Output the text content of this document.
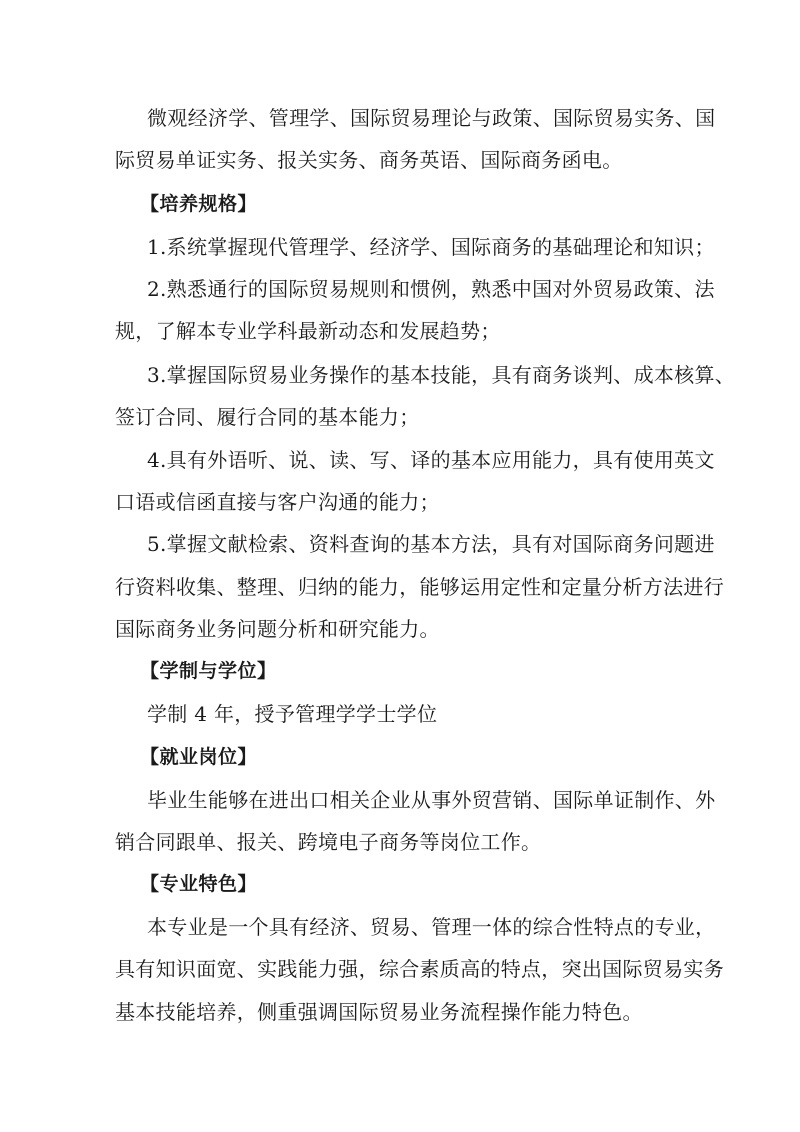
微观经济学、管理学、国际贸易理论与政策、国际贸易实务、国
际贸易单证实务、报关实务、商务英语、国际商务函电。
【培养规格】
1.系统掌握现代管理学、经济学、国际商务的基础理论和知识；
2.熟悉通行的国际贸易规则和惯例，熟悉中国对外贸易政策、法
规，了解本专业学科最新动态和发展趋势；
3.掌握国际贸易业务操作的基本技能，具有商务谈判、成本核算、
签订合同、履行合同的基本能力；
4.具有外语听、说、读、写、译的基本应用能力，具有使用英文
口语或信函直接与客户沟通的能力；
5.掌握文献检索、资料查询的基本方法，具有对国际商务问题进
行资料收集、整理、归纳的能力，能够运用定性和定量分析方法进行
国际商务业务问题分析和研究能力。
【学制与学位】
学制 4 年，授予管理学学士学位
【就业岗位】
毕业生能够在进出口相关企业从事外贸营销、国际单证制作、外
销合同跟单、报关、跨境电子商务等岗位工作。
【专业特色】
本专业是一个具有经济、贸易、管理一体的综合性特点的专业，
具有知识面宽、实践能力强，综合素质高的特点，突出国际贸易实务
基本技能培养，侧重强调国际贸易业务流程操作能力特色。
